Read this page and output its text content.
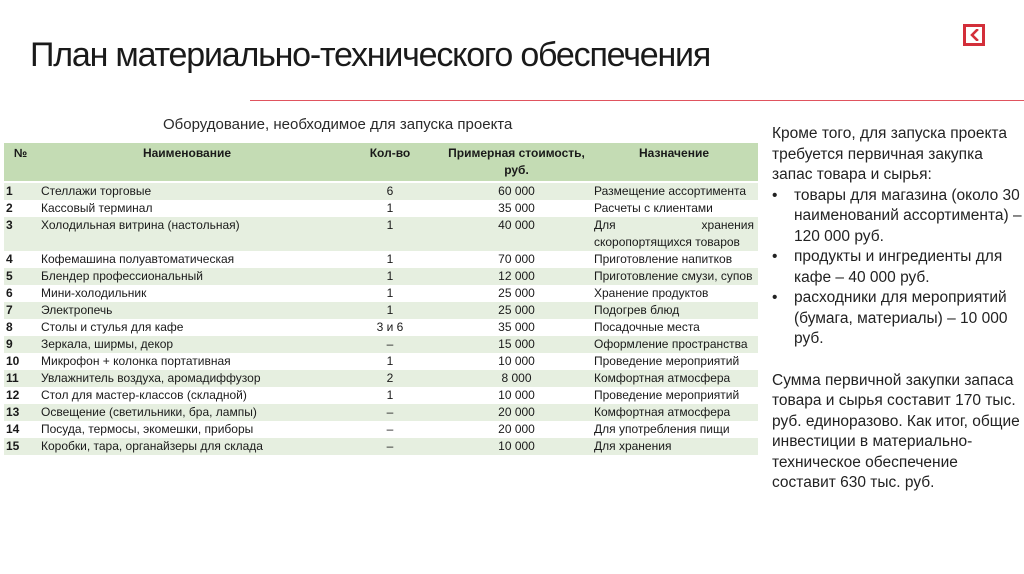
План материально-технического обеспечения
Оборудование, необходимое для запуска проекта
№	Наименование	Кол-во	Примерная стоимость, руб.	Назначение
1	Стеллажи торговые	6	60 000	Размещение ассортимента
2	Кассовый терминал	1	35 000	Расчеты с клиентами
3	Холодильная витрина (настольная)	1	40 000	Для хранения скоропортящихся товаров
4	Кофемашина полуавтоматическая	1	70 000	Приготовление напитков
5	Блендер профессиональный	1	12 000	Приготовление смузи, супов
6	Мини-холодильник	1	25 000	Хранение продуктов
7	Электропечь	1	25 000	Подогрев блюд
8	Столы и стулья для кафе	3 и 6	35 000	Посадочные места
9	Зеркала, ширмы, декор	–	15 000	Оформление пространства
10	Микрофон + колонка портативная	1	10 000	Проведение мероприятий
11	Увлажнитель воздуха, аромадиффузор	2	8 000	Комфортная атмосфера
12	Стол для мастер-классов (складной)	1	10 000	Проведение мероприятий
13	Освещение (светильники, бра, лампы)	–	20 000	Комфортная атмосфера
14	Посуда, термосы, экомешки, приборы	–	20 000	Для употребления пищи
15	Коробки, тара, органайзеры для склада	–	10 000	Для хранения

Кроме того, для запуска проекта требуется первичная закупка запас товара и сырья:

• товары для магазина (около 30 наименований ассортимента) – 120 000 руб.
• продукты и ингредиенты для кафе – 40 000 руб.
• расходники для мероприятий (бумага, материалы) – 10 000 руб.

Сумма первичной закупки запаса товара и сырья составит 170 тыс. руб. единоразово. Как итог, общие инвестиции в материально-техническое обеспечение составит 630 тыс. руб.
